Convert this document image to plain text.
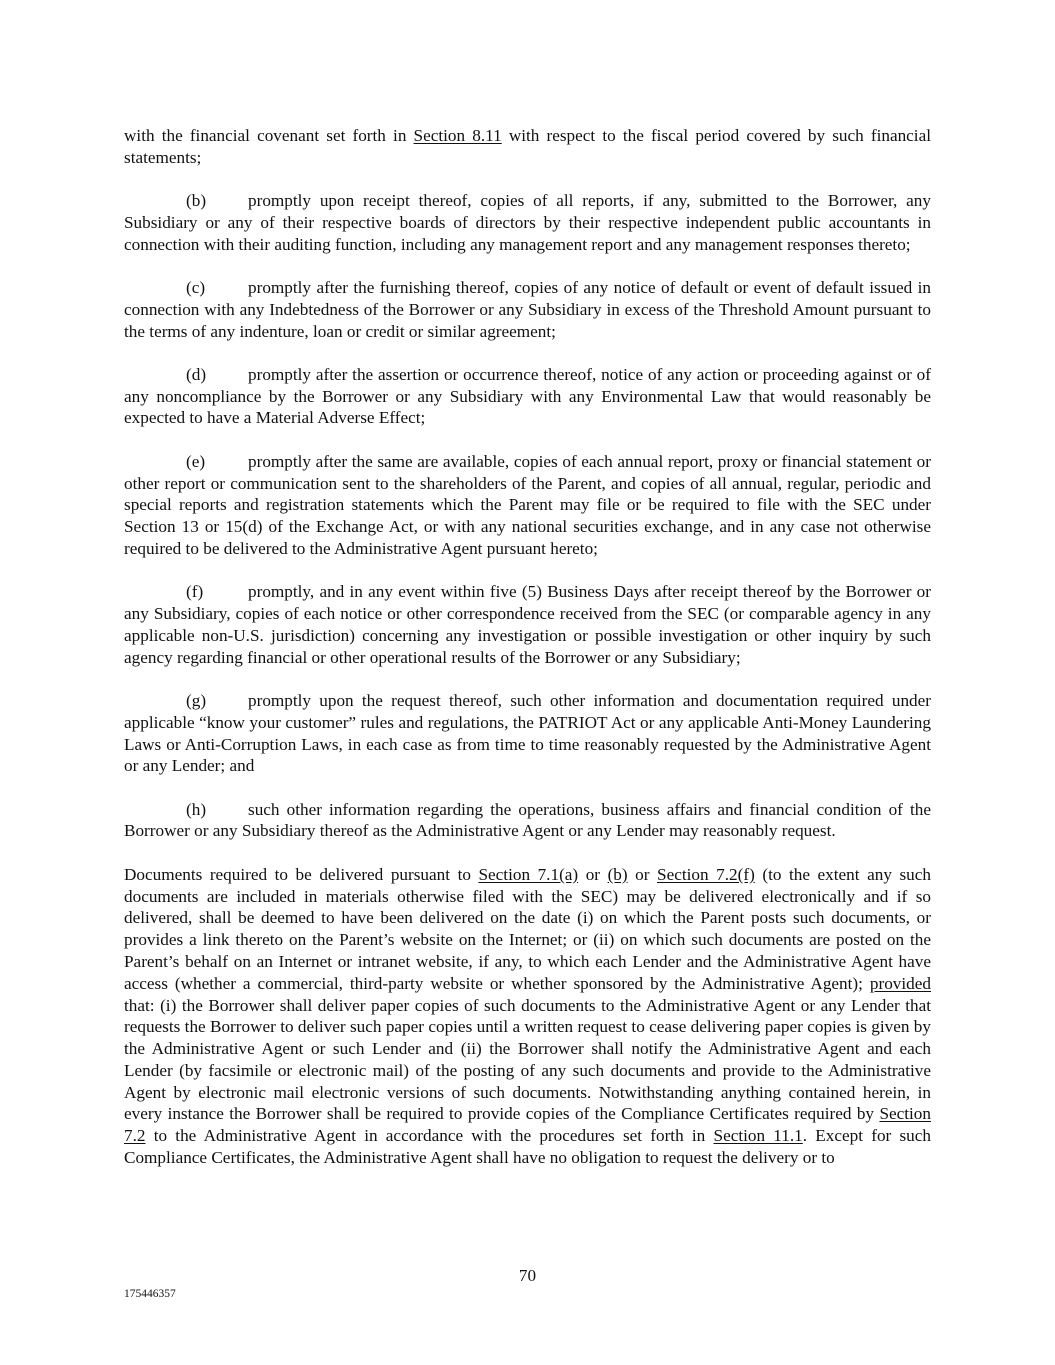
with the financial covenant set forth in Section 8.11 with respect to the fiscal period covered by such financial statements;

(b) promptly upon receipt thereof, copies of all reports, if any, submitted to the Borrower, any Subsidiary or any of their respective boards of directors by their respective independent public accountants in connection with their auditing function, including any management report and any management responses thereto;

(c) promptly after the furnishing thereof, copies of any notice of default or event of default issued in connection with any Indebtedness of the Borrower or any Subsidiary in excess of the Threshold Amount pursuant to the terms of any indenture, loan or credit or similar agreement;

(d) promptly after the assertion or occurrence thereof, notice of any action or proceeding against or of any noncompliance by the Borrower or any Subsidiary with any Environmental Law that would reasonably be expected to have a Material Adverse Effect;

(e) promptly after the same are available, copies of each annual report, proxy or financial statement or other report or communication sent to the shareholders of the Parent, and copies of all annual, regular, periodic and special reports and registration statements which the Parent may file or be required to file with the SEC under Section 13 or 15(d) of the Exchange Act, or with any national securities exchange, and in any case not otherwise required to be delivered to the Administrative Agent pursuant hereto;

(f)	promptly, and in any event within five (5) Business Days after receipt thereof by the Borrower or any Subsidiary, copies of each notice or other correspondence received from the SEC (or comparable agency in any applicable non-U.S. jurisdiction) concerning any investigation or possible investigation or other inquiry by such agency regarding financial or other operational results of the Borrower or any Subsidiary;

(g) promptly upon the request thereof, such other information and documentation required under applicable “know your customer” rules and regulations, the PATRIOT Act or any applicable Anti-Money Laundering Laws or Anti-Corruption Laws, in each case as from time to time reasonably requested by the Administrative Agent or any Lender; and

(h) such other information regarding the operations, business affairs and financial condition of the Borrower or any Subsidiary thereof as the Administrative Agent or any Lender may reasonably request.

Documents required to be delivered pursuant to Section 7.1(a) or (b) or Section 7.2(f) (to the extent any such documents are included in materials otherwise filed with the SEC) may be delivered electronically and if so delivered, shall be deemed to have been delivered on the date (i) on which the Parent posts such documents, or provides a link thereto on the Parent’s website on the Internet; or (ii) on which such documents are posted on the Parent’s behalf on an Internet or intranet website, if any, to which each Lender and the Administrative Agent have access (whether a commercial, third-party website or whether sponsored by the Administrative Agent); provided that: (i) the Borrower shall deliver paper copies of such documents to the Administrative Agent or any Lender that requests the Borrower to deliver such paper copies until a written request to cease delivering paper copies is given by the Administrative Agent or such Lender and (ii) the Borrower shall notify the Administrative Agent and each Lender (by facsimile or electronic mail) of the posting of any such documents and provide to the Administrative Agent by electronic mail electronic versions of such documents. Notwithstanding anything contained herein, in every instance the Borrower shall be required to provide copies of the Compliance Certificates required by Section 7.2 to the Administrative Agent in accordance with the procedures set forth in Section 11.1. Except for such Compliance Certificates, the Administrative Agent shall have no obligation to request the delivery or to

70
175446357
